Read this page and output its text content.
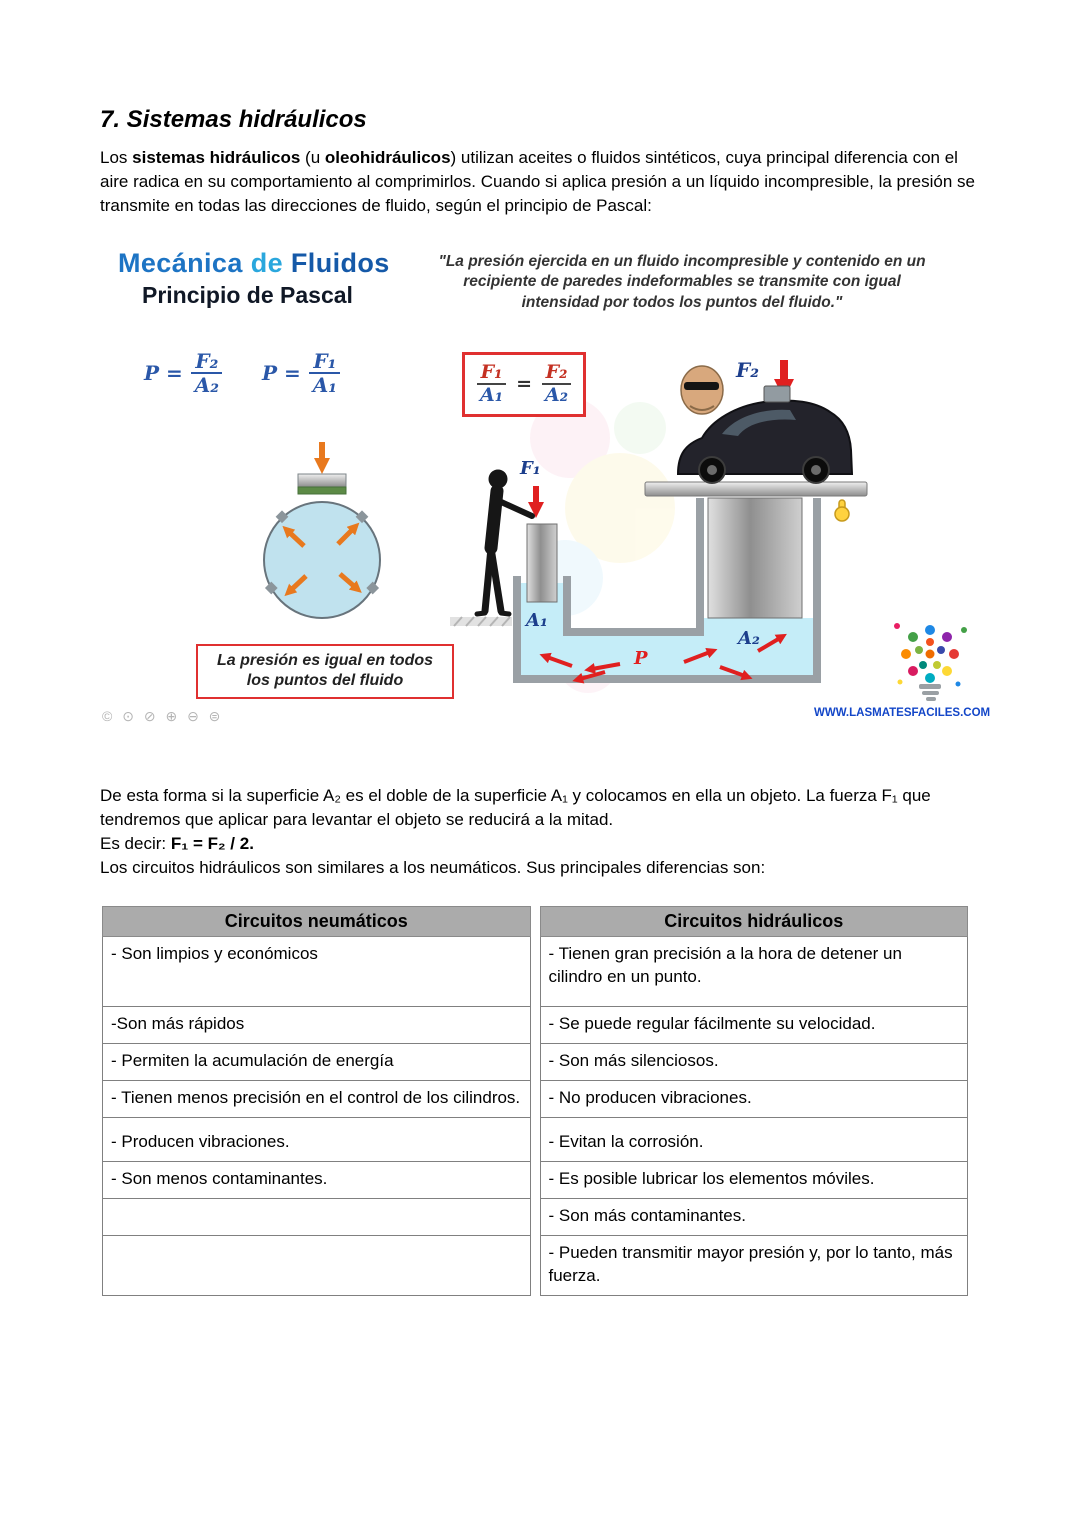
7. Sistemas hidráulicos

Los sistemas hidráulicos (u oleohidráulicos) utilizan aceites o fluidos sintéticos, cuya principal diferencia con el aire radica en su comportamiento al comprimirlos. Cuando si aplica presión a un líquido incompresible, la presión se transmite en todas las direcciones de fluido, según el principio de Pascal:

Mecánica de Fluidos
Principio de Pascal
"La presión ejercida en un fluido incompresible y contenido en un recipiente de paredes indeformables se transmite con igual intensidad por todos los puntos del fluido."
$P = \frac{\text{F₂}}{\text{A₂}}$ $P = \frac{\text{F₁}}{\text{A₁}}$	$\frac{\text{F₁}}{\text{A₁}} = \frac{\text{F₂}}{\text{A₂}}$
F₁
F₂
A₁
A₂
P
La presión es igual en todos los puntos del fluido
© ⊙ ⊘ ⊕ ⊖ ⊜	WWW.LASMATESFACILES.COM

De esta forma si la superficie A₂ es el doble de la superficie A₁ y colocamos en ella un objeto. La fuerza F₁ que tendremos que aplicar para levantar el objeto se reducirá a la mitad.

Es decir: F₁ = F₂ / 2.

Los circuitos hidráulicos son similares a los neumáticos. Sus principales diferencias son:

Circuitos neumáticos	Circuitos hidráulicos
- Son limpios y económicos	- Tienen gran precisión a la hora de detener un cilindro en un punto.
-Son más rápidos	- Se puede regular fácilmente su velocidad.
- Permiten la acumulación de energía	- Son más silenciosos.
- Tienen menos precisión en el control de los cilindros.	- No producen vibraciones.
- Producen vibraciones.	- Evitan la corrosión.
- Son menos contaminantes.	- Es posible lubricar los elementos móviles.
	- Son más contaminantes.
	- Pueden transmitir mayor presión y, por lo tanto, más fuerza.
